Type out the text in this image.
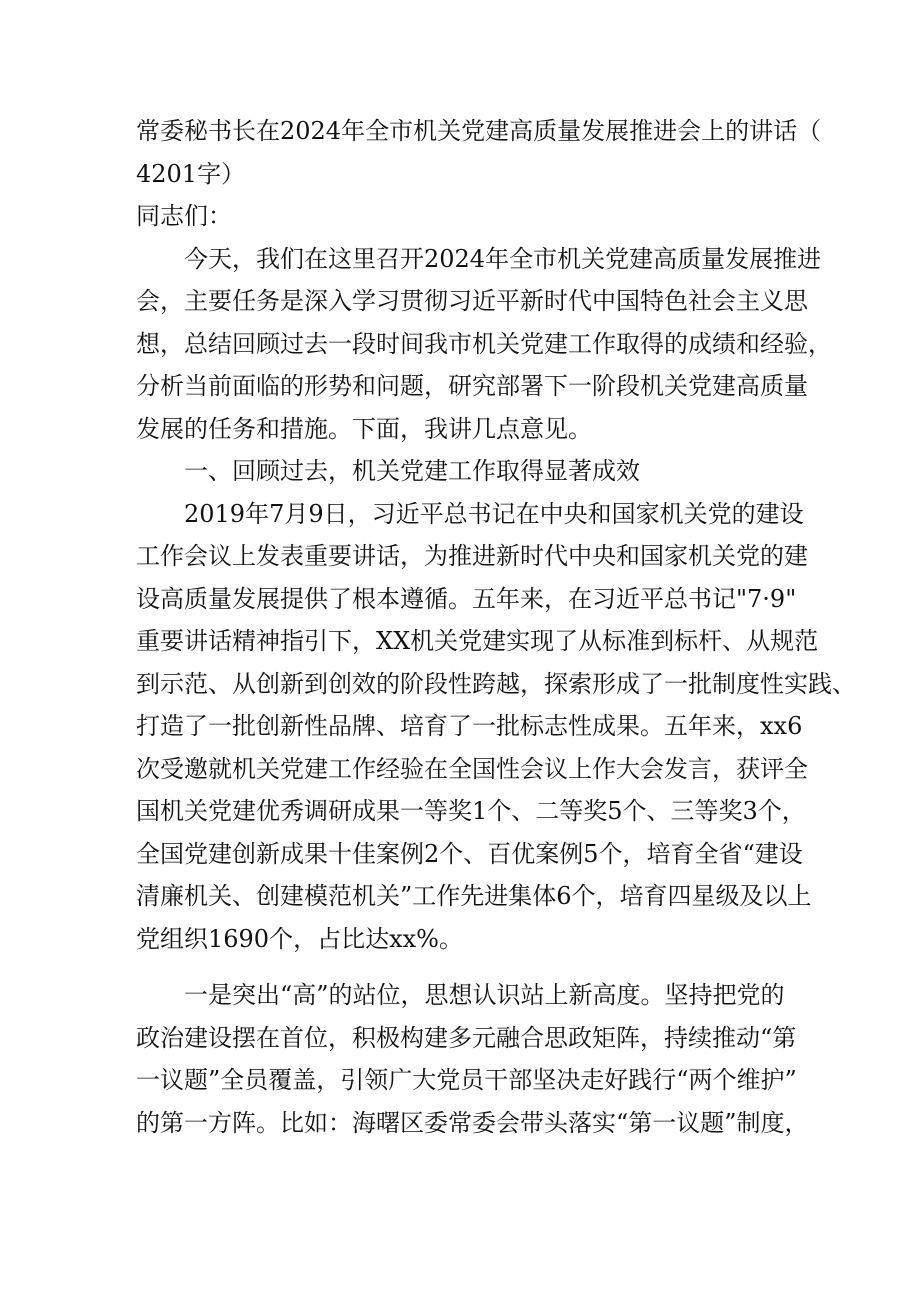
常委秘书长在2024年全市机关党建高质量发展推进会上的讲话（
4201字）
同志们：
今天，我们在这里召开2024年全市机关党建高质量发展推进
会，主要任务是深入学习贯彻习近平新时代中国特色社会主义思
想，总结回顾过去一段时间我市机关党建工作取得的成绩和经验，
分析当前面临的形势和问题，研究部署下一阶段机关党建高质量
发展的任务和措施。下面，我讲几点意见。
一、回顾过去，机关党建工作取得显著成效
2019年7月9日，习近平总书记在中央和国家机关党的建设
工作会议上发表重要讲话，为推进新时代中央和国家机关党的建
设高质量发展提供了根本遵循。五年来，在习近平总书记"7·9"
重要讲话精神指引下，XX机关党建实现了从标准到标杆、从规范
到示范、从创新到创效的阶段性跨越，探索形成了一批制度性实践、
打造了一批创新性品牌、培育了一批标志性成果。五年来，xx6
次受邀就机关党建工作经验在全国性会议上作大会发言，获评全
国机关党建优秀调研成果一等奖1个、二等奖5个、三等奖3个，
全国党建创新成果十佳案例2个、百优案例5个，培育全省“建设
清廉机关、创建模范机关”工作先进集体6个，培育四星级及以上
党组织1690个，占比达xx%。
一是突出“高”的站位，思想认识站上新高度。坚持把党的
政治建设摆在首位，积极构建多元融合思政矩阵，持续推动“第
一议题”全员覆盖，引领广大党员干部坚决走好践行“两个维护”
的第一方阵。比如：海曙区委常委会带头落实“第一议题”制度，
